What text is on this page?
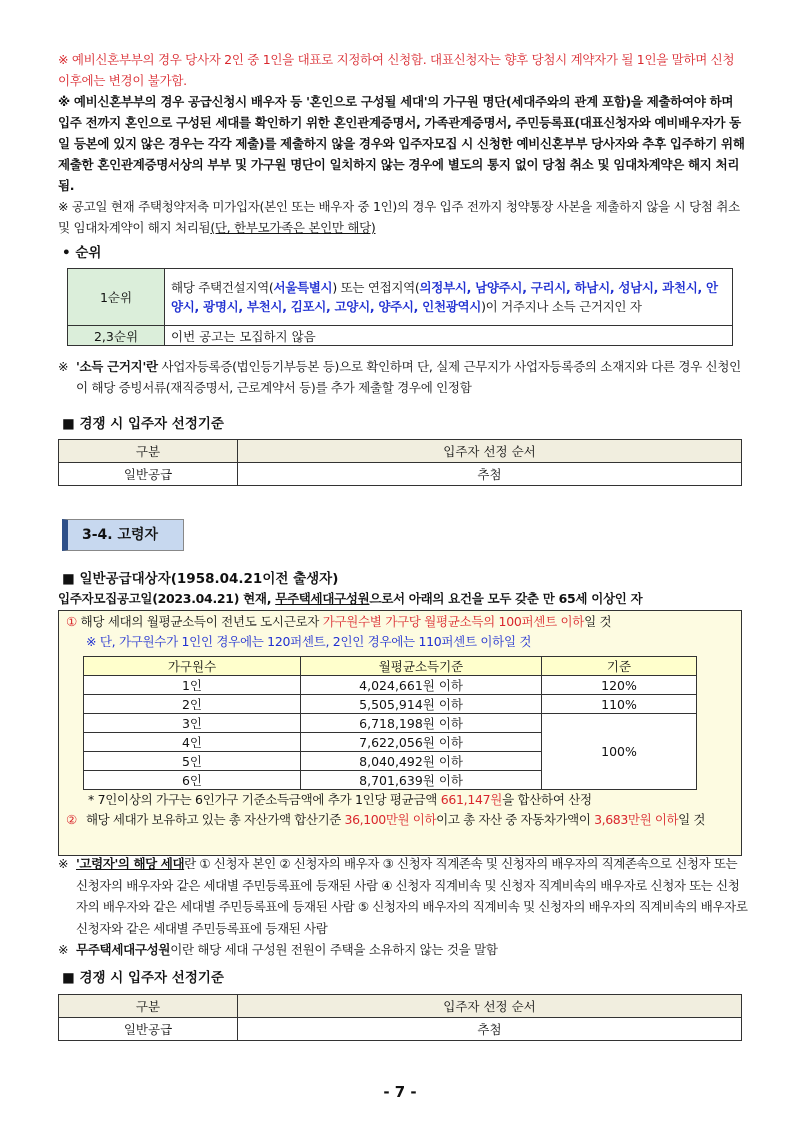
※ 예비신혼부부의 경우 당사자 2인 중 1인을 대표로 지정하여 신청함. 대표신청자는 향후 당첨시 계약자가 될 1인을 말하며 신청 이후에는 변경이 불가함.
※ 예비신혼부부의 경우 공급신청시 배우자 등 '혼인으로 구성될 세대'의 가구원 명단(세대주와의 관계 포함)을 제출하여야 하며 입주 전까지 혼인으로 구성된 세대를 확인하기 위한 혼인관계증명서, 가족관계증명서, 주민등록표(대표신청자와 예비배우자가 동일 등본에 있지 않은 경우는 각각 제출)를 제출하지 않을 경우와 입주자모집 시 신청한 예비신혼부부 당사자와 추후 입주하기 위해 제출한 혼인관계증명서상의 부부 및 가구원 명단이 일치하지 않는 경우에 별도의 통지 없이 당첨 취소 및 임대차계약은 해지 처리됨.
※ 공고일 현재 주택청약저축 미가입자(본인 또는 배우자 중 1인)의 경우 입주 전까지 청약통장 사본을 제출하지 않을 시 당첨 취소 및 임대차계약이 해지 처리됨(단, 한부모가족은 본인만 해당)
• 순위
1순위	해당 주택건설지역(서울특별시) 또는 연접지역(의정부시, 남양주시, 구리시, 하남시, 성남시, 과천시, 안양시, 광명시, 부천시, 김포시, 고양시, 양주시, 인천광역시)이 거주지나 소득 근거지인 자
2,3순위	이번 공고는 모집하지 않음
※ '소득 근거지'란 사업자등록증(법인등기부등본 등)으로 확인하며 단, 실제 근무지가 사업자등록증의 소재지와 다른 경우 신청인이 해당 증빙서류(재직증명서, 근로계약서 등)를 추가 제출할 경우에 인정함
■ 경쟁 시 입주자 선정기준
구분	입주자 선정 순서
일반공급	추첨
3-4. 고령자
■ 일반공급대상자(1958.04.21이전 출생자)
입주자모집공고일(2023.04.21) 현재, 무주택세대구성원으로서 아래의 요건을 모두 갖춘 만 65세 이상인 자
① 해당 세대의 월평균소득이 전년도 도시근로자 가구원수별 가구당 월평균소득의 100퍼센트 이하일 것
※ 단, 가구원수가 1인인 경우에는 120퍼센트, 2인인 경우에는 110퍼센트 이하일 것
가구원수	월평균소득기준	기준
1인	4,024,661원 이하	120%
2인	5,505,914원 이하	110%
3인	6,718,198원 이하	100%
4인	7,622,056원 이하	
5인	8,040,492원 이하	
6인	8,701,639원 이하	
* 7인이상의 가구는 6인가구 기준소득금액에 추가 1인당 평균금액 661,147원을 합산하여 산정
② 해당 세대가 보유하고 있는 총 자산가액 합산기준 36,100만원 이하이고 총 자산 중 자동차가액이 3,683만원 이하일 것
※ '고령자'의 해당 세대란 ① 신청자 본인 ② 신청자의 배우자 ③ 신청자 직계존속 및 신청자의 배우자의 직계존속으로 신청자 또는 신청자의 배우자와 같은 세대별 주민등록표에 등재된 사람 ④ 신청자 직계비속 및 신청자 직계비속의 배우자로 신청자 또는 신청자의 배우자와 같은 세대별 주민등록표에 등재된 사람 ⑤ 신청자의 배우자의 직계비속 및 신청자의 배우자의 직계비속의 배우자로 신청자와 같은 세대별 주민등록표에 등재된 사람
※ 무주택세대구성원이란 해당 세대 구성원 전원이 주택을 소유하지 않는 것을 말함
■ 경쟁 시 입주자 선정기준
구분	입주자 선정 순서
일반공급	추첨
- 7 -
